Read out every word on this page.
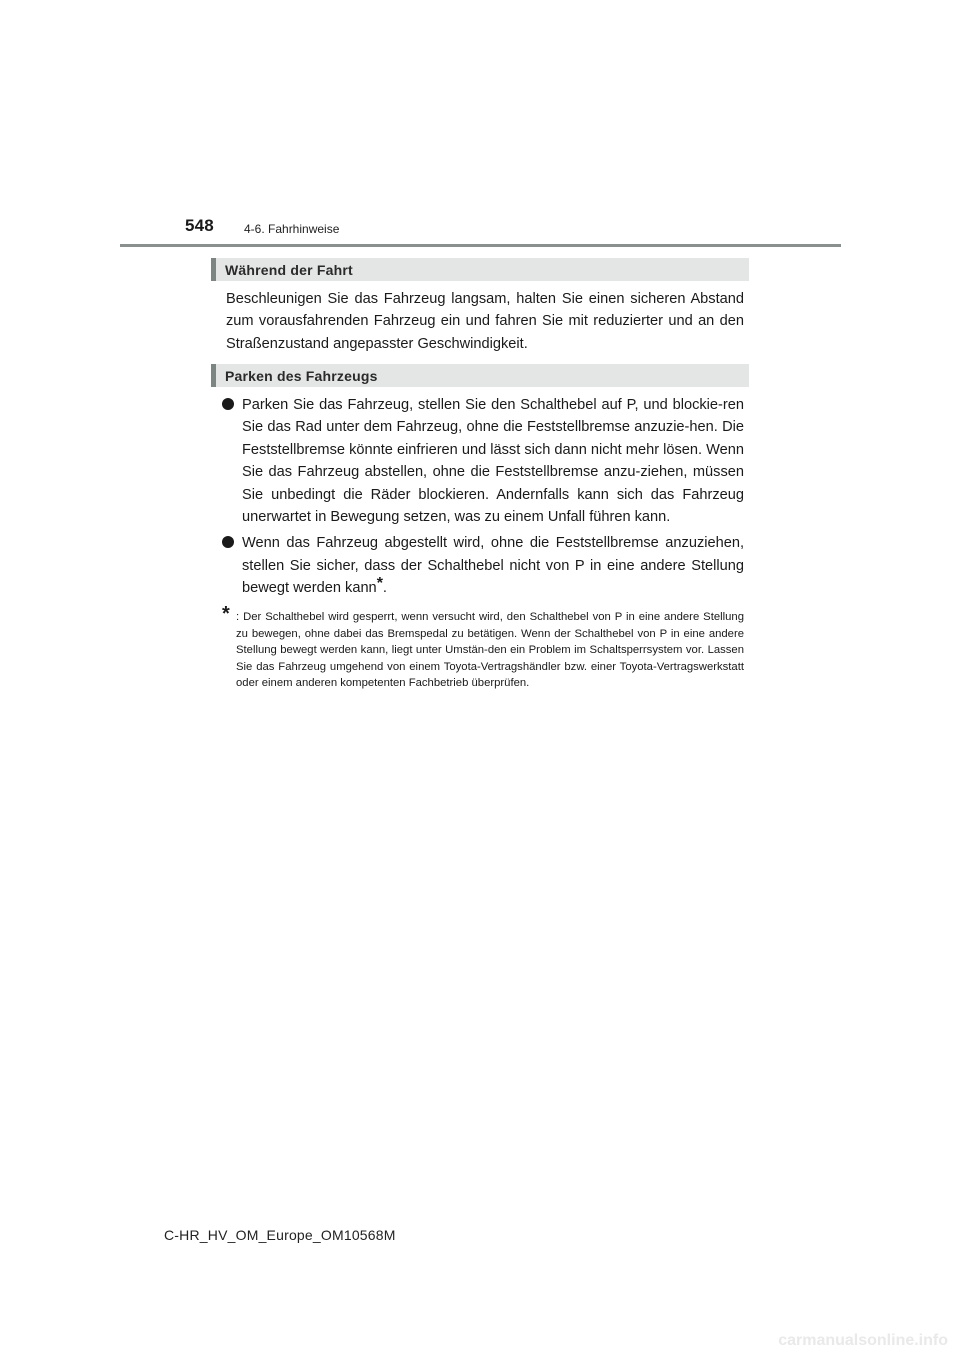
548	4-6. Fahrhinweise
Während der Fahrt

Beschleunigen Sie das Fahrzeug langsam, halten Sie einen sicheren Abstand zum vorausfahrenden Fahrzeug ein und fahren Sie mit reduzierter und an den Straßenzustand angepasster Geschwindigkeit.

Parken des Fahrzeugs
Parken Sie das Fahrzeug, stellen Sie den Schalthebel auf P, und blockie-ren Sie das Rad unter dem Fahrzeug, ohne die Feststellbremse anzuzie-hen. Die Feststellbremse könnte einfrieren und lässt sich dann nicht mehr lösen. Wenn Sie das Fahrzeug abstellen, ohne die Feststellbremse anzu-ziehen, müssen Sie unbedingt die Räder blockieren. Andernfalls kann sich das Fahrzeug unerwartet in Bewegung setzen, was zu einem Unfall führen kann.
Wenn das Fahrzeug abgestellt wird, ohne die Feststellbremse anzuziehen, stellen Sie sicher, dass der Schalthebel nicht von P in eine andere Stellung bewegt werden kann*.

* : Der Schalthebel wird gesperrt, wenn versucht wird, den Schalthebel von P in eine andere Stellung zu bewegen, ohne dabei das Bremspedal zu betätigen. Wenn der Schalthebel von P in eine andere Stellung bewegt werden kann, liegt unter Umstän-den ein Problem im Schaltsperrsystem vor. Lassen Sie das Fahrzeug umgehend von einem Toyota-Vertragshändler bzw. einer Toyota-Vertragswerkstatt oder einem anderen kompetenten Fachbetrieb überprüfen.

C-HR_HV_OM_Europe_OM10568M
carmanualsonline.info
